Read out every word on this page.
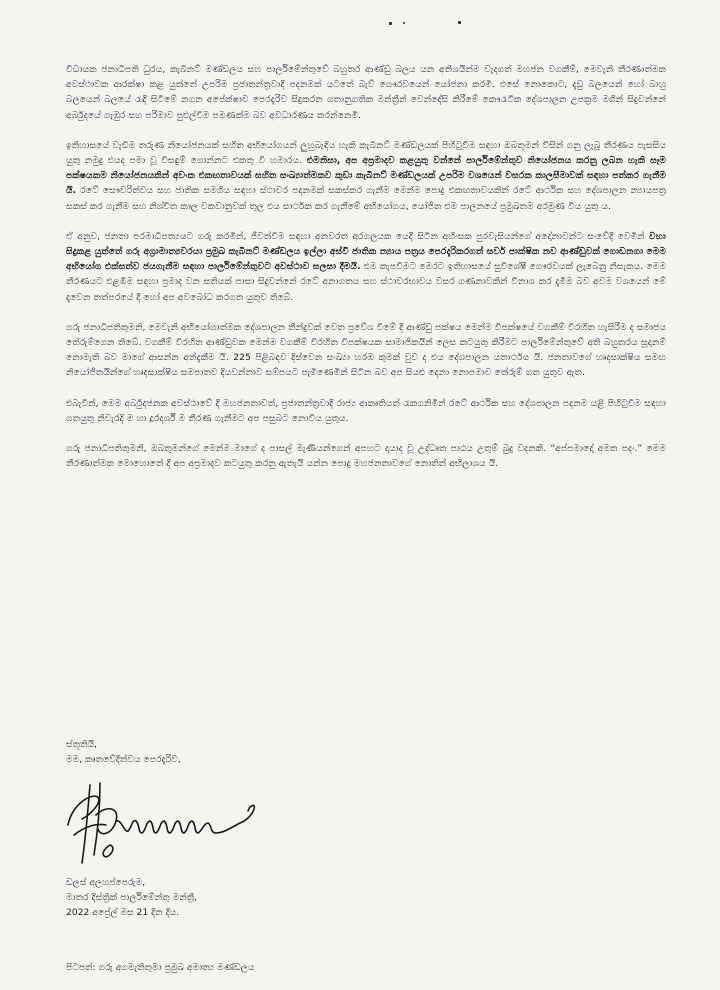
විධායක ජනාධිපති ධුරය, කැබිනට් මණ්ඩලය සහ පාර්ලිමේන්තුවේ බහුතර ආණ්ඩු බලය යන අතිශයින්ම වැදගත් මහජන වගකීම්, මෙවැනි තීරණාත්මක අවස්ථාවක ආරක්ෂා කළ යුත්තේ උපරිම ප්‍රජාතන්ත්‍රවාදී පදනමක් යටතේ බැව් ගෞරවයෙන් යෝජනා කරමි. එසේ නොකොට, දැඩු බලයෙන් හෝ බාහු බලයෙන් බලයේ රැඳී සිටීමේ නගන අපේක්ෂාව පෙරදැරිව සිදුකරන ගතානුගතික මන්ත්‍රීන් වෙන්දේසි කිරීමේ කෞරැටික දේශපාලන උපක්‍රම මගින් සිදුවන්නේ අර්බුදයේ ගැඹුර සහ පරිමාව පුළුල්වීම පමණක්ම බව අවධාරණය කරන්නෙමි.

ඉතිහාසයේ වැඩිම තරුණ නියෝජනයක් සහිත අභියෝගයන් ලුහුබැඳිය හැකි කැබිනට් මණ්ඩලයක් පිහිටුවීම සඳහා ඔබතුමන් විසින් ගනු ලැබූ තීරණය පැසසිය යුතු නමුදු එයද පමා වූ විසඳුම් ගොන්නට එකතු වී හමාරය. එමනිසා, අප අප්‍රමාදව කළයුතු වන්නේ පාර්ලිමේන්තුව නියෝජනය කරනු ලබන හැකි සෑම පක්ෂයකම නියෝජනයකින් අවංක එකඟතාවයක් සහිත සංඛ්‍යාත්මකව කුඩා කැබිනට් මණ්ඩලයක් උපරිම වශයෙන් වසරක කාලසීමාවක් සඳහා පත්කර ගැනීම යි. රටේ සෞවරිත්වය සහ ජාතික සමගිය සඳහා ස්ථාවර පදනමක් සකස්කර ගැනීම මෙන්ම පොදු එකඟතාවයකින් රටේ ආර්ථික සහ දේශපාලන න්‍යායපත්‍ර සකස් කර ගැනීම සහ නිශ්චිත කාල වකවානුවක් තුල එය සාර්ථක කර ගැනීමේ අභියෝගය, යෝජිත එම පාලනයේ ප්‍රමුඛතම අරමුණ විය යුතු ය.

ඒ අනුව, ජනතා පරමාධිපත්‍යයට ගරු කරමින්, ජීවත්වීම සඳහා අනවරත අරගලයක යෙදී සිටින අහිංසක පුරවැසියන්ගේ අදෝනාවන්ට සංවේදී වෙමින් වහා සිදුකළ යුත්තේ ගරු අග්‍රාමාත්‍යවරයා ප්‍රමුඛ කැබිනට් මණ්ඩලය ඉල්ලා අස්වී ජාතික න්‍යාය පත්‍රය පෙරදැරිකරගත් සර්ව පාක්ෂික නව ආණ්ඩුවක් ගොඩනගා මෙම අභියෝග එක්සත්ව ජයගැනීම සඳහා පාර්ලිමේන්තුවට අවස්ථාව සලසා දීමයි. එම කැපවීමට මෙරට ඉතිහාසයේ සුවිශේෂී ගෞරවයක් ලැබෙනු නිසැකය. මෙම තීරණයට එළඹීම සඳහා ප්‍රමාද වන සතියක් පාසා සිදුවන්නේ රටේ අනාගතය සහ ස්ථාවරභාවය වසර ගණනාවකින් විනාශ කර දැමීම බව අවම වශයෙන් මේ දැවෙන තත්පරයේ දී හෝ අප අවබෝධ කරගත යුතුව තිබේ.

ගරු ජනාධිපතිතුමනි, මෙවැනි අභියෝගාත්මක දේශපාලන තීන්දුවක් වෙත ප්‍රවේශ වීමේ දී ආණ්ඩු පක්ෂය මෙන්ම විපක්ෂයේ වගකීම් විරහිත හැසිරීම ද සමාජය තේරුම්ගෙන තිබේ. වගකීම් විරහිත ආණ්ඩුවක මෙන්ම වගකීම් විරහිත විපක්ෂයක සාමාජිකයින් ලෙස කටයුතු කිරීමට පාර්ලිමේන්තුවේ අති බහුතරය සූදානම් නොමැති බව මාගේ ආසන්න අත්දැකීම යි. 225 පිළිබඳව දිස්වෙන සංඛ්‍යා හරඹ කුමක් වුව ද එය දේශපාලන යතාර්ථය යි. ජනතාවගේ හෘදසාක්ෂිය සමඟ නියෝජිතයින්ගේ හෘදසාක්ෂිය සමපාතව දියවන්නාව සම්පයට පැමිණෙමින් සිටින බව අප සියළු දෙනා නොපමාව තේරුම් ගත යුතුව ඇත.

එබැවින්, මෙම අර්බුදජනක අවස්ථාවේ දී මහජනතාවත්, ප්‍රජාතන්ත්‍රවාදී රාජ්‍ය ආකෘතියත් රැකගනිමින් රටේ ආර්ථික සහ දේශපාලන පදනම යළි පිහිටුවීම සඳහා ගතයුතු නිවැරදි ම හා දූරදර්ශී ම තීරණ ගැනීමට අප පසුබට නොවිය යුතුය.

ගරු ජනාධිපතිතුමනි, ඔබතුමන්ගේ මෙන්ම මාගේ ද පාසල් මැණියන්ගෙන් අපහට දායාද වූ උද්ධෘත පාඨය උතුම් බුදු වදනකි. “අප්පමාදෝ අමත පදං.” මෙම තීරණාත්මක මොහොතේ දී අප අප්‍රමාදව කටයුතු කරනු ඇතැයි යන්න පොදු මහජනතාවගේ නොතිත් අභිලාශය යි.

ස්තූතියි,
මම, කෘතවේදිත්වය පෙරදැරිව,
ඩලස් අලහප්පෙරුම,
මාතර දිස්ත්‍රික් පාර්ලිමේන්තු මන්ත්‍රී,
2022 අප්‍රේල් මස 21 දින දිය.
පිටපත්: ගරු අගමැතිතුමා ප්‍රමුඛ අමාත්‍ය මණ්ඩලය
